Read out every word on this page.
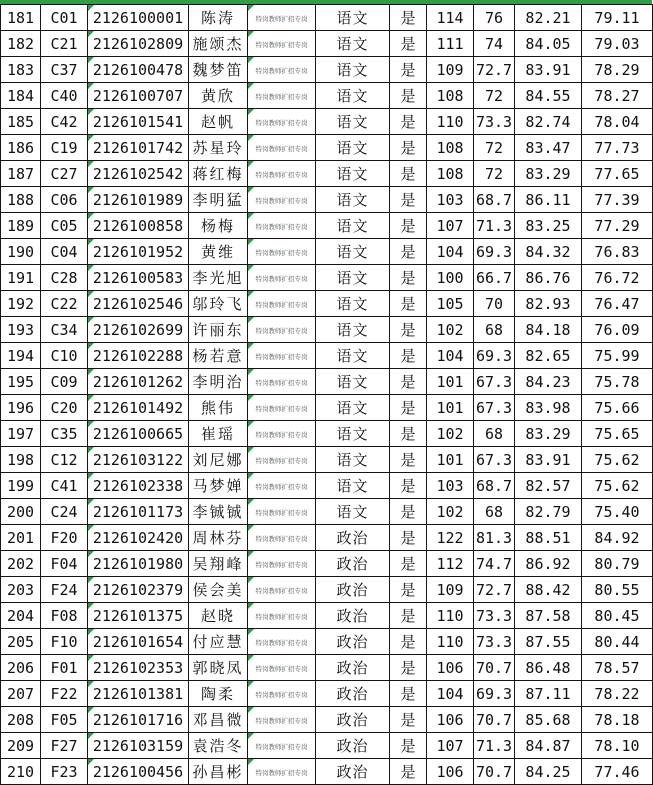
181	C01	2126100001	陈涛	特岗教师扩招专岗	语文	是	114	76	82.21	79.11
182	C21	2126102809	施颂杰	特岗教师扩招专岗	语文	是	111	74	84.05	79.03
183	C37	2126100478	魏梦笛	特岗教师扩招专岗	语文	是	109	72.7	83.91	78.29
184	C40	2126100707	黄欣	特岗教师扩招专岗	语文	是	108	72	84.55	78.27
185	C42	2126101541	赵帆	特岗教师扩招专岗	语文	是	110	73.3	82.74	78.04
186	C19	2126101742	苏星玲	特岗教师扩招专岗	语文	是	108	72	83.47	77.73
187	C27	2126102542	蒋红梅	特岗教师扩招专岗	语文	是	108	72	83.29	77.65
188	C06	2126101989	李明猛	特岗教师扩招专岗	语文	是	103	68.7	86.11	77.39
189	C05	2126100858	杨梅	特岗教师扩招专岗	语文	是	107	71.3	83.25	77.29
190	C04	2126101952	黄维	特岗教师扩招专岗	语文	是	104	69.3	84.32	76.83
191	C28	2126100583	李光旭	特岗教师扩招专岗	语文	是	100	66.7	86.76	76.72
192	C22	2126102546	邬玲飞	特岗教师扩招专岗	语文	是	105	70	82.93	76.47
193	C34	2126102699	许丽东	特岗教师扩招专岗	语文	是	102	68	84.18	76.09
194	C10	2126102288	杨若意	特岗教师扩招专岗	语文	是	104	69.3	82.65	75.99
195	C09	2126101262	李明治	特岗教师扩招专岗	语文	是	101	67.3	84.23	75.78
196	C20	2126101492	熊伟	特岗教师扩招专岗	语文	是	101	67.3	83.98	75.66
197	C35	2126100665	崔瑶	特岗教师扩招专岗	语文	是	102	68	83.29	75.65
198	C12	2126103122	刘尼娜	特岗教师扩招专岗	语文	是	101	67.3	83.91	75.62
199	C41	2126102338	马梦婵	特岗教师扩招专岗	语文	是	103	68.7	82.57	75.62
200	C24	2126101173	李铖铖	特岗教师扩招专岗	语文	是	102	68	82.79	75.40
201	F20	2126102420	周林芬	特岗教师扩招专岗	政治	是	122	81.3	88.51	84.92
202	F04	2126101980	吴翔峰	特岗教师扩招专岗	政治	是	112	74.7	86.92	80.79
203	F24	2126102379	侯会美	特岗教师扩招专岗	政治	是	109	72.7	88.42	80.55
204	F08	2126101375	赵晓	特岗教师扩招专岗	政治	是	110	73.3	87.58	80.45
205	F10	2126101654	付应慧	特岗教师扩招专岗	政治	是	110	73.3	87.55	80.44
206	F01	2126102353	郭晓凤	特岗教师扩招专岗	政治	是	106	70.7	86.48	78.57
207	F22	2126101381	陶柔	特岗教师扩招专岗	政治	是	104	69.3	87.11	78.22
208	F05	2126101716	邓昌微	特岗教师扩招专岗	政治	是	106	70.7	85.68	78.18
209	F27	2126103159	袁浩冬	特岗教师扩招专岗	政治	是	107	71.3	84.87	78.10
210	F23	2126100456	孙昌彬	特岗教师扩招专岗	政治	是	106	70.7	84.25	77.46
